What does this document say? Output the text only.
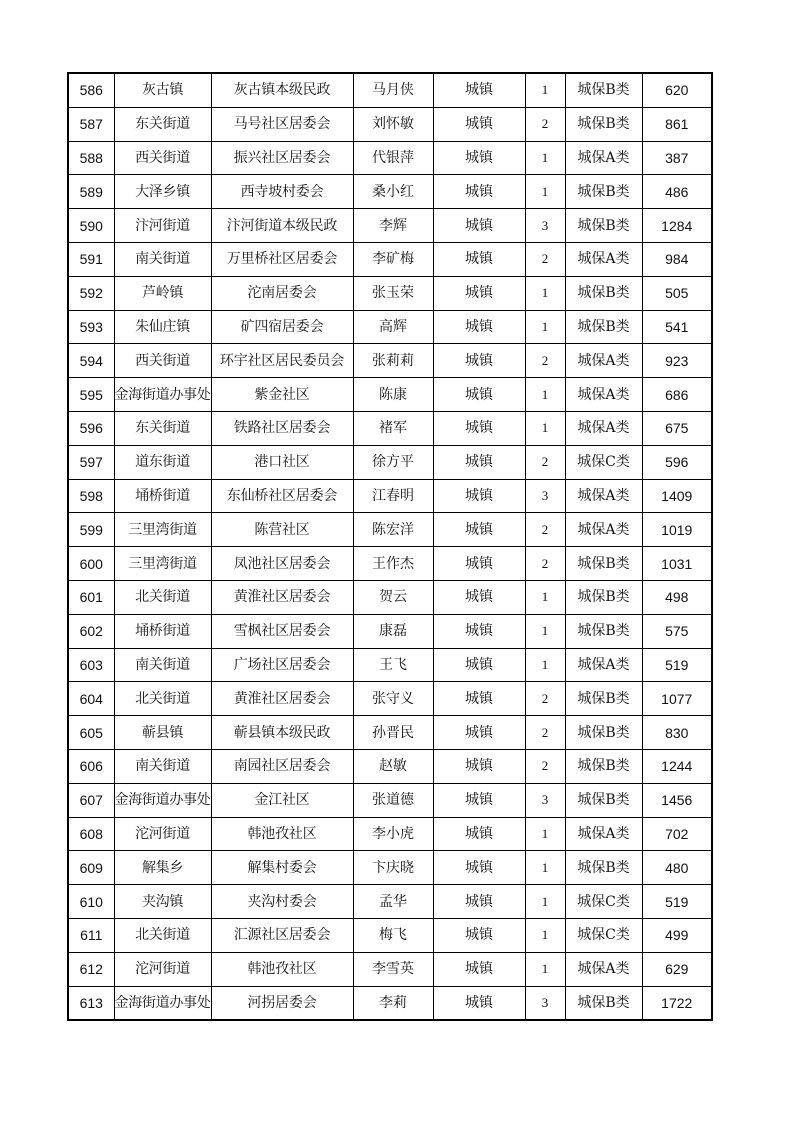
586	灰古镇	灰古镇本级民政	马月侠	城镇	1	城保B类	620
587	东关街道	马号社区居委会	刘怀敏	城镇	2	城保B类	861
588	西关街道	振兴社区居委会	代银萍	城镇	1	城保A类	387
589	大泽乡镇	西寺坡村委会	桑小红	城镇	1	城保B类	486
590	汴河街道	汴河街道本级民政	李辉	城镇	3	城保B类	1284
591	南关街道	万里桥社区居委会	李矿梅	城镇	2	城保A类	984
592	芦岭镇	沱南居委会	张玉荣	城镇	1	城保B类	505
593	朱仙庄镇	矿四宿居委会	高辉	城镇	1	城保B类	541
594	西关街道	环宇社区居民委员会	张莉莉	城镇	2	城保A类	923
595	金海街道办事处	紫金社区	陈康	城镇	1	城保A类	686
596	东关街道	铁路社区居委会	褚军	城镇	1	城保A类	675
597	道东街道	港口社区	徐方平	城镇	2	城保C类	596
598	埇桥街道	东仙桥社区居委会	江春明	城镇	3	城保A类	1409
599	三里湾街道	陈营社区	陈宏洋	城镇	2	城保A类	1019
600	三里湾街道	凤池社区居委会	王作杰	城镇	2	城保B类	1031
601	北关街道	黄淮社区居委会	贺云	城镇	1	城保B类	498
602	埇桥街道	雪枫社区居委会	康磊	城镇	1	城保B类	575
603	南关街道	广场社区居委会	王飞	城镇	1	城保A类	519
604	北关街道	黄淮社区居委会	张守义	城镇	2	城保B类	1077
605	蕲县镇	蕲县镇本级民政	孙晋民	城镇	2	城保B类	830
606	南关街道	南园社区居委会	赵敏	城镇	2	城保B类	1244
607	金海街道办事处	金江社区	张道德	城镇	3	城保B类	1456
608	沱河街道	韩池孜社区	李小虎	城镇	1	城保A类	702
609	解集乡	解集村委会	卞庆晓	城镇	1	城保B类	480
610	夹沟镇	夹沟村委会	孟华	城镇	1	城保C类	519
611	北关街道	汇源社区居委会	梅飞	城镇	1	城保C类	499
612	沱河街道	韩池孜社区	李雪英	城镇	1	城保A类	629
613	金海街道办事处	河拐居委会	李莉	城镇	3	城保B类	1722
